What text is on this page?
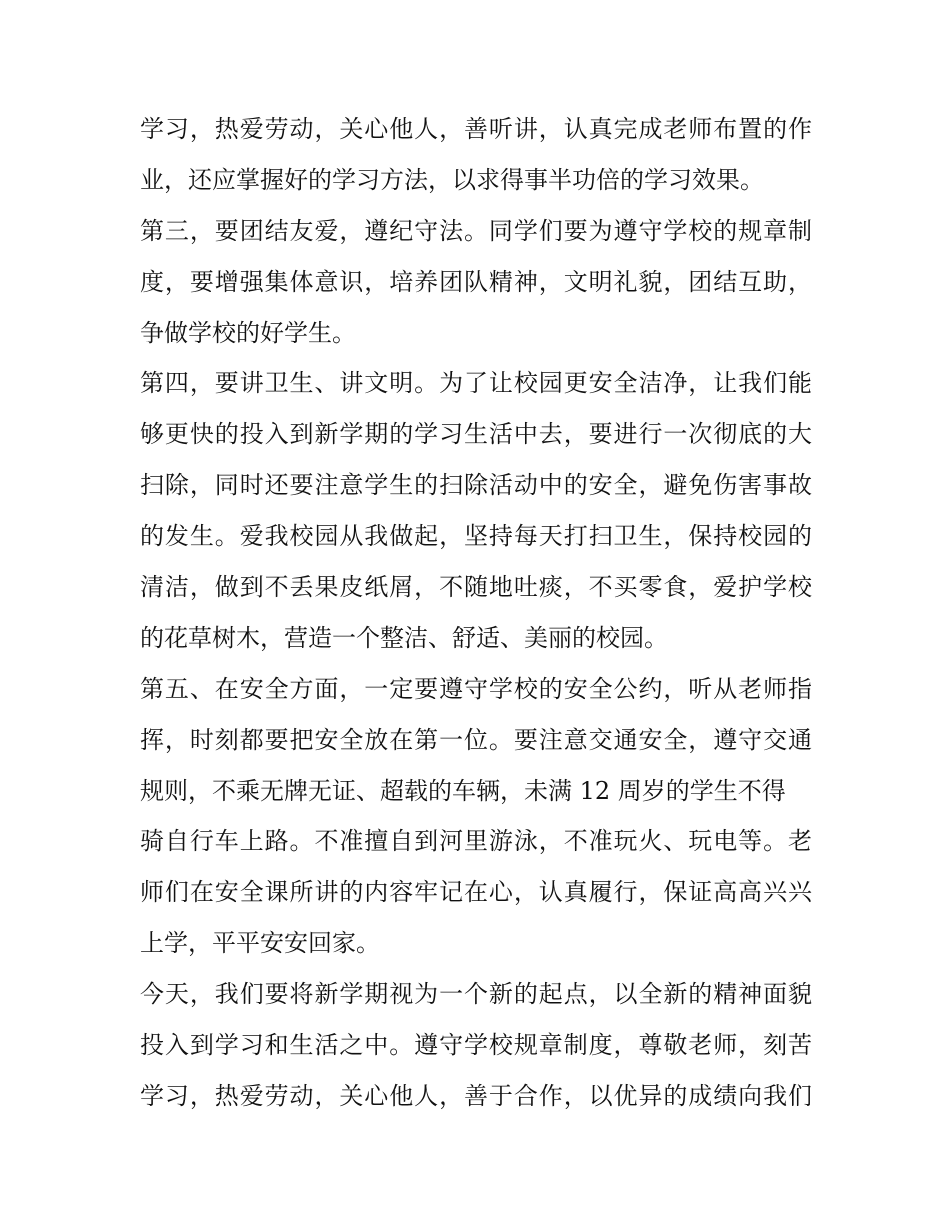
学习，热爱劳动，关心他人，善听讲，认真完成老师布置的作
业，还应掌握好的学习方法，以求得事半功倍的学习效果。
第三，要团结友爱，遵纪守法。同学们要为遵守学校的规章制
度，要增强集体意识，培养团队精神，文明礼貌，团结互助，
争做学校的好学生。
第四，要讲卫生、讲文明。为了让校园更安全洁净，让我们能
够更快的投入到新学期的学习生活中去，要进行一次彻底的大
扫除，同时还要注意学生的扫除活动中的安全，避免伤害事故
的发生。爱我校园从我做起，坚持每天打扫卫生，保持校园的
清洁，做到不丢果皮纸屑，不随地吐痰，不买零食，爱护学校
的花草树木，营造一个整洁、舒适、美丽的校园。
第五、在安全方面，一定要遵守学校的安全公约，听从老师指
挥，时刻都要把安全放在第一位。要注意交通安全，遵守交通
规则，不乘无牌无证、超载的车辆，未满 12 周岁的学生不得
骑自行车上路。不准擅自到河里游泳，不准玩火、玩电等。老
师们在安全课所讲的内容牢记在心，认真履行，保证高高兴兴
上学，平平安安回家。
今天，我们要将新学期视为一个新的起点，以全新的精神面貌
投入到学习和生活之中。遵守学校规章制度，尊敬老师，刻苦
学习，热爱劳动，关心他人，善于合作，以优异的成绩向我们
